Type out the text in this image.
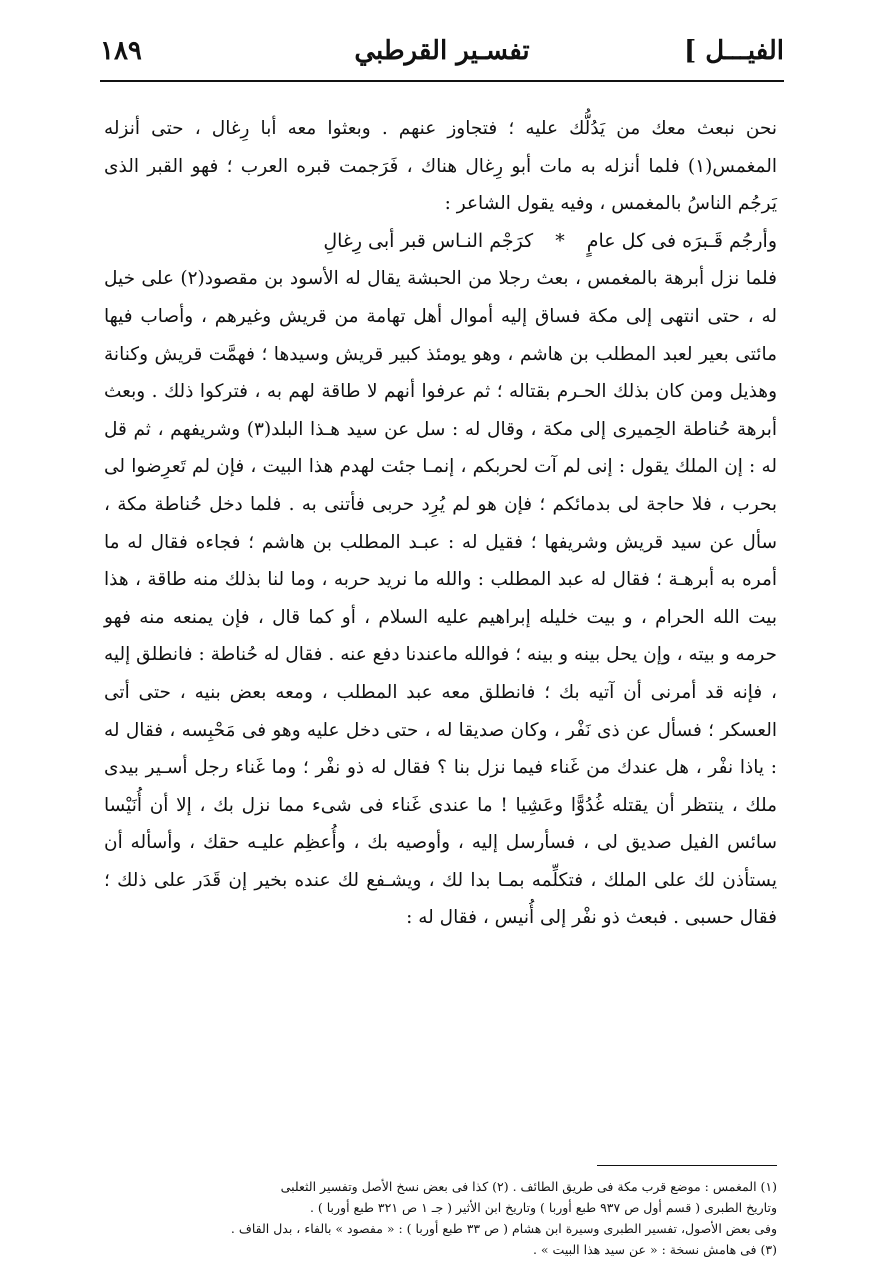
الفيـــل ]
تفسـير القرطبي
١٨٩

نحن نبعث معك من يَدُلُّك عليه ؛ فتجاوز عنهم . وبعثوا معه أبا رِغال ، حتى أنزله المغمس(١) فلما أنزله به مات أبو رِغال هناك ، فَرَجمت قبره العرب ؛ فهو القبر الذى يَرجُم الناسُ بالمغمس ، وفيه يقول الشاعر :

وأرجُم قَـبرَه فى كل عامٍ * كرَجْم النـاس قبر أبى رِغالِ

فلما نزل أبرهة بالمغمس ، بعث رجلا من الحبشة يقال له الأسود بن مقصود(٢) على خيل له ، حتى انتهى إلى مكة فساق إليه أموال أهل تهامة من قريش وغيرهم ، وأصاب فيها مائتى بعير لعبد المطلب بن هاشم ، وهو يومئذ كبير قريش وسيدها ؛ فهمَّت قريش وكنانة وهذيل ومن كان بذلك الحـرم بقتاله ؛ ثم عرفوا أنهم لا طاقة لهم به ، فتركوا ذلك . وبعث أبرهة حُناطة الحِميرى إلى مكة ، وقال له : سل عن سيد هـذا البلد(٣) وشريفهم ، ثم قل له : إن الملك يقول : إنى لم آت لحربكم ، إنمـا جئت لهدم هذا البيت ، فإن لم تَعرِضوا لى بحرب ، فلا حاجة لى بدمائكم ؛ فإن هو لم يُرِد حربى فأتنى به . فلما دخل حُناطة مكة ، سأل عن سيد قريش وشريفها ؛ فقيل له : عبـد المطلب بن هاشم ؛ فجاءه فقال له ما أمره به أبرهـة ؛ فقال له عبد المطلب : والله ما نريد حربه ، وما لنا بذلك منه طاقة ، هذا بيت الله الحرام ، و بيت خليله إبراهيم عليه السلام ، أو كما قال ، فإن يمنعه منه فهو حرمه و بيته ، وإن يحل بينه و بينه ؛ فوالله ماعندنا دفع عنه . فقال له حُناطة : فانطلق إليه ، فإنه قد أمرنى أن آتيه بك ؛ فانطلق معه عبد المطلب ، ومعه بعض بنيه ، حتى أتى العسكر ؛ فسأل عن ذى نَفْر ، وكان صديقا له ، حتى دخل عليه وهو فى مَحْبِسه ، فقال له : ياذا نفْر ، هل عندك من غَناء فيما نزل بنا ؟ فقال له ذو نفْر ؛ وما غَناء رجل أسـير بيدى ملك ، ينتظر أن يقتله غُدُوًّا وعَشِيا ! ما عندى غَناء فى شىء مما نزل بك ، إلا أن أُنَيْسا سائس الفيل صديق لى ، فسأرسل إليه ، وأوصيه بك ، وأُعظِم عليـه حقك ، وأسأله أن يستأذن لك على الملك ، فتكلِّمه بمـا بدا لك ، ويشـفع لك عنده بخير إن قَدَر على ذلك ؛ فقال حسبى . فبعث ذو نفْر إلى أُنيس ، فقال له :

(١) المغمس : موضع قرب مكة فى طريق الطائف . (٢) كذا فى بعض نسخ الأصل وتفسير الثعلبى

وتاريخ الطبرى ( قسم أول ص ٩٣٧ طبع أوربا ) وتاريخ ابن الأثير ( جـ ١ ص ٣٢١ طبع أوربا ) .

وفى بعض الأصول، تفسير الطبرى وسيرة ابن هشام ( ص ٣٣ طبع أوربا ) : « مفصود » بالفاء ، بدل القاف .

(٣) فى هامش نسخة : « عن سيد هذا البيت » .
